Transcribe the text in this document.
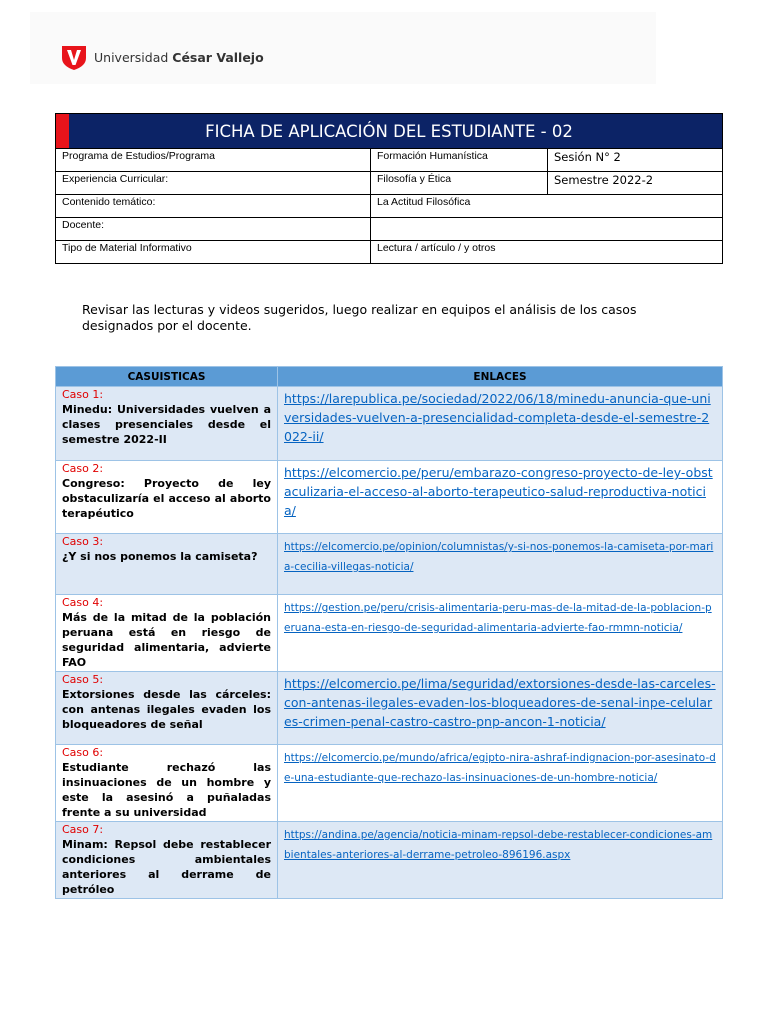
Universidad César Vallejo
FICHA DE APLICACIÓN DEL ESTUDIANTE - 02		
Programa de Estudios/Programa	Formación Humanística	Sesión N° 2
Experiencia Curricular:	Filosofía y Ética	Semestre 2022-2
Contenido temático:	La Actitud Filosófica	
Docente:		
Tipo de Material Informativo	Lectura / artículo / y otros	
Revisar las lecturas y videos sugeridos, luego realizar en equipos el análisis de los casos designados por el docente.
CASUISTICAS	ENLACES

Caso 1:
Minedu: Universidades vuelven a clases presenciales desde el semestre 2022-II	https://larepublica.pe/sociedad/2022/06/18/minedu-anuncia-que-universidades-vuelven-a-presencialidad-completa-desde-el-semestre-2022-ii/

Caso 2:
Congreso: Proyecto de ley obstaculizaría el acceso al aborto terapéutico	https://elcomercio.pe/peru/embarazo-congreso-proyecto-de-ley-obstaculizaria-el-acceso-al-aborto-terapeutico-salud-reproductiva-noticia/

Caso 3:
¿Y si nos ponemos la camiseta?	https://elcomercio.pe/opinion/columnistas/y-si-nos-ponemos-la-camiseta-por-maria-cecilia-villegas-noticia/

Caso 4:
Más de la mitad de la población peruana está en riesgo de seguridad alimentaria, advierte FAO	https://gestion.pe/peru/crisis-alimentaria-peru-mas-de-la-mitad-de-la-poblacion-peruana-esta-en-riesgo-de-seguridad-alimentaria-advierte-fao-rmmn-noticia/

Caso 5:
Extorsiones desde las cárceles: con antenas ilegales evaden los bloqueadores de señal	https://elcomercio.pe/lima/seguridad/extorsiones-desde-las-carceles-con-antenas-ilegales-evaden-los-bloqueadores-de-senal-inpe-celulares-crimen-penal-castro-castro-pnp-ancon-1-noticia/

Caso 6:
Estudiante rechazó las insinuaciones de un hombre y este la asesinó a puñaladas frente a su universidad	https://elcomercio.pe/mundo/africa/egipto-nira-ashraf-indignacion-por-asesinato-de-una-estudiante-que-rechazo-las-insinuaciones-de-un-hombre-noticia/

Caso 7:
Minam: Repsol debe restablecer condiciones ambientales anteriores al derrame de petróleo	https://andina.pe/agencia/noticia-minam-repsol-debe-restablecer-condiciones-ambientales-anteriores-al-derrame-petroleo-896196.aspx
